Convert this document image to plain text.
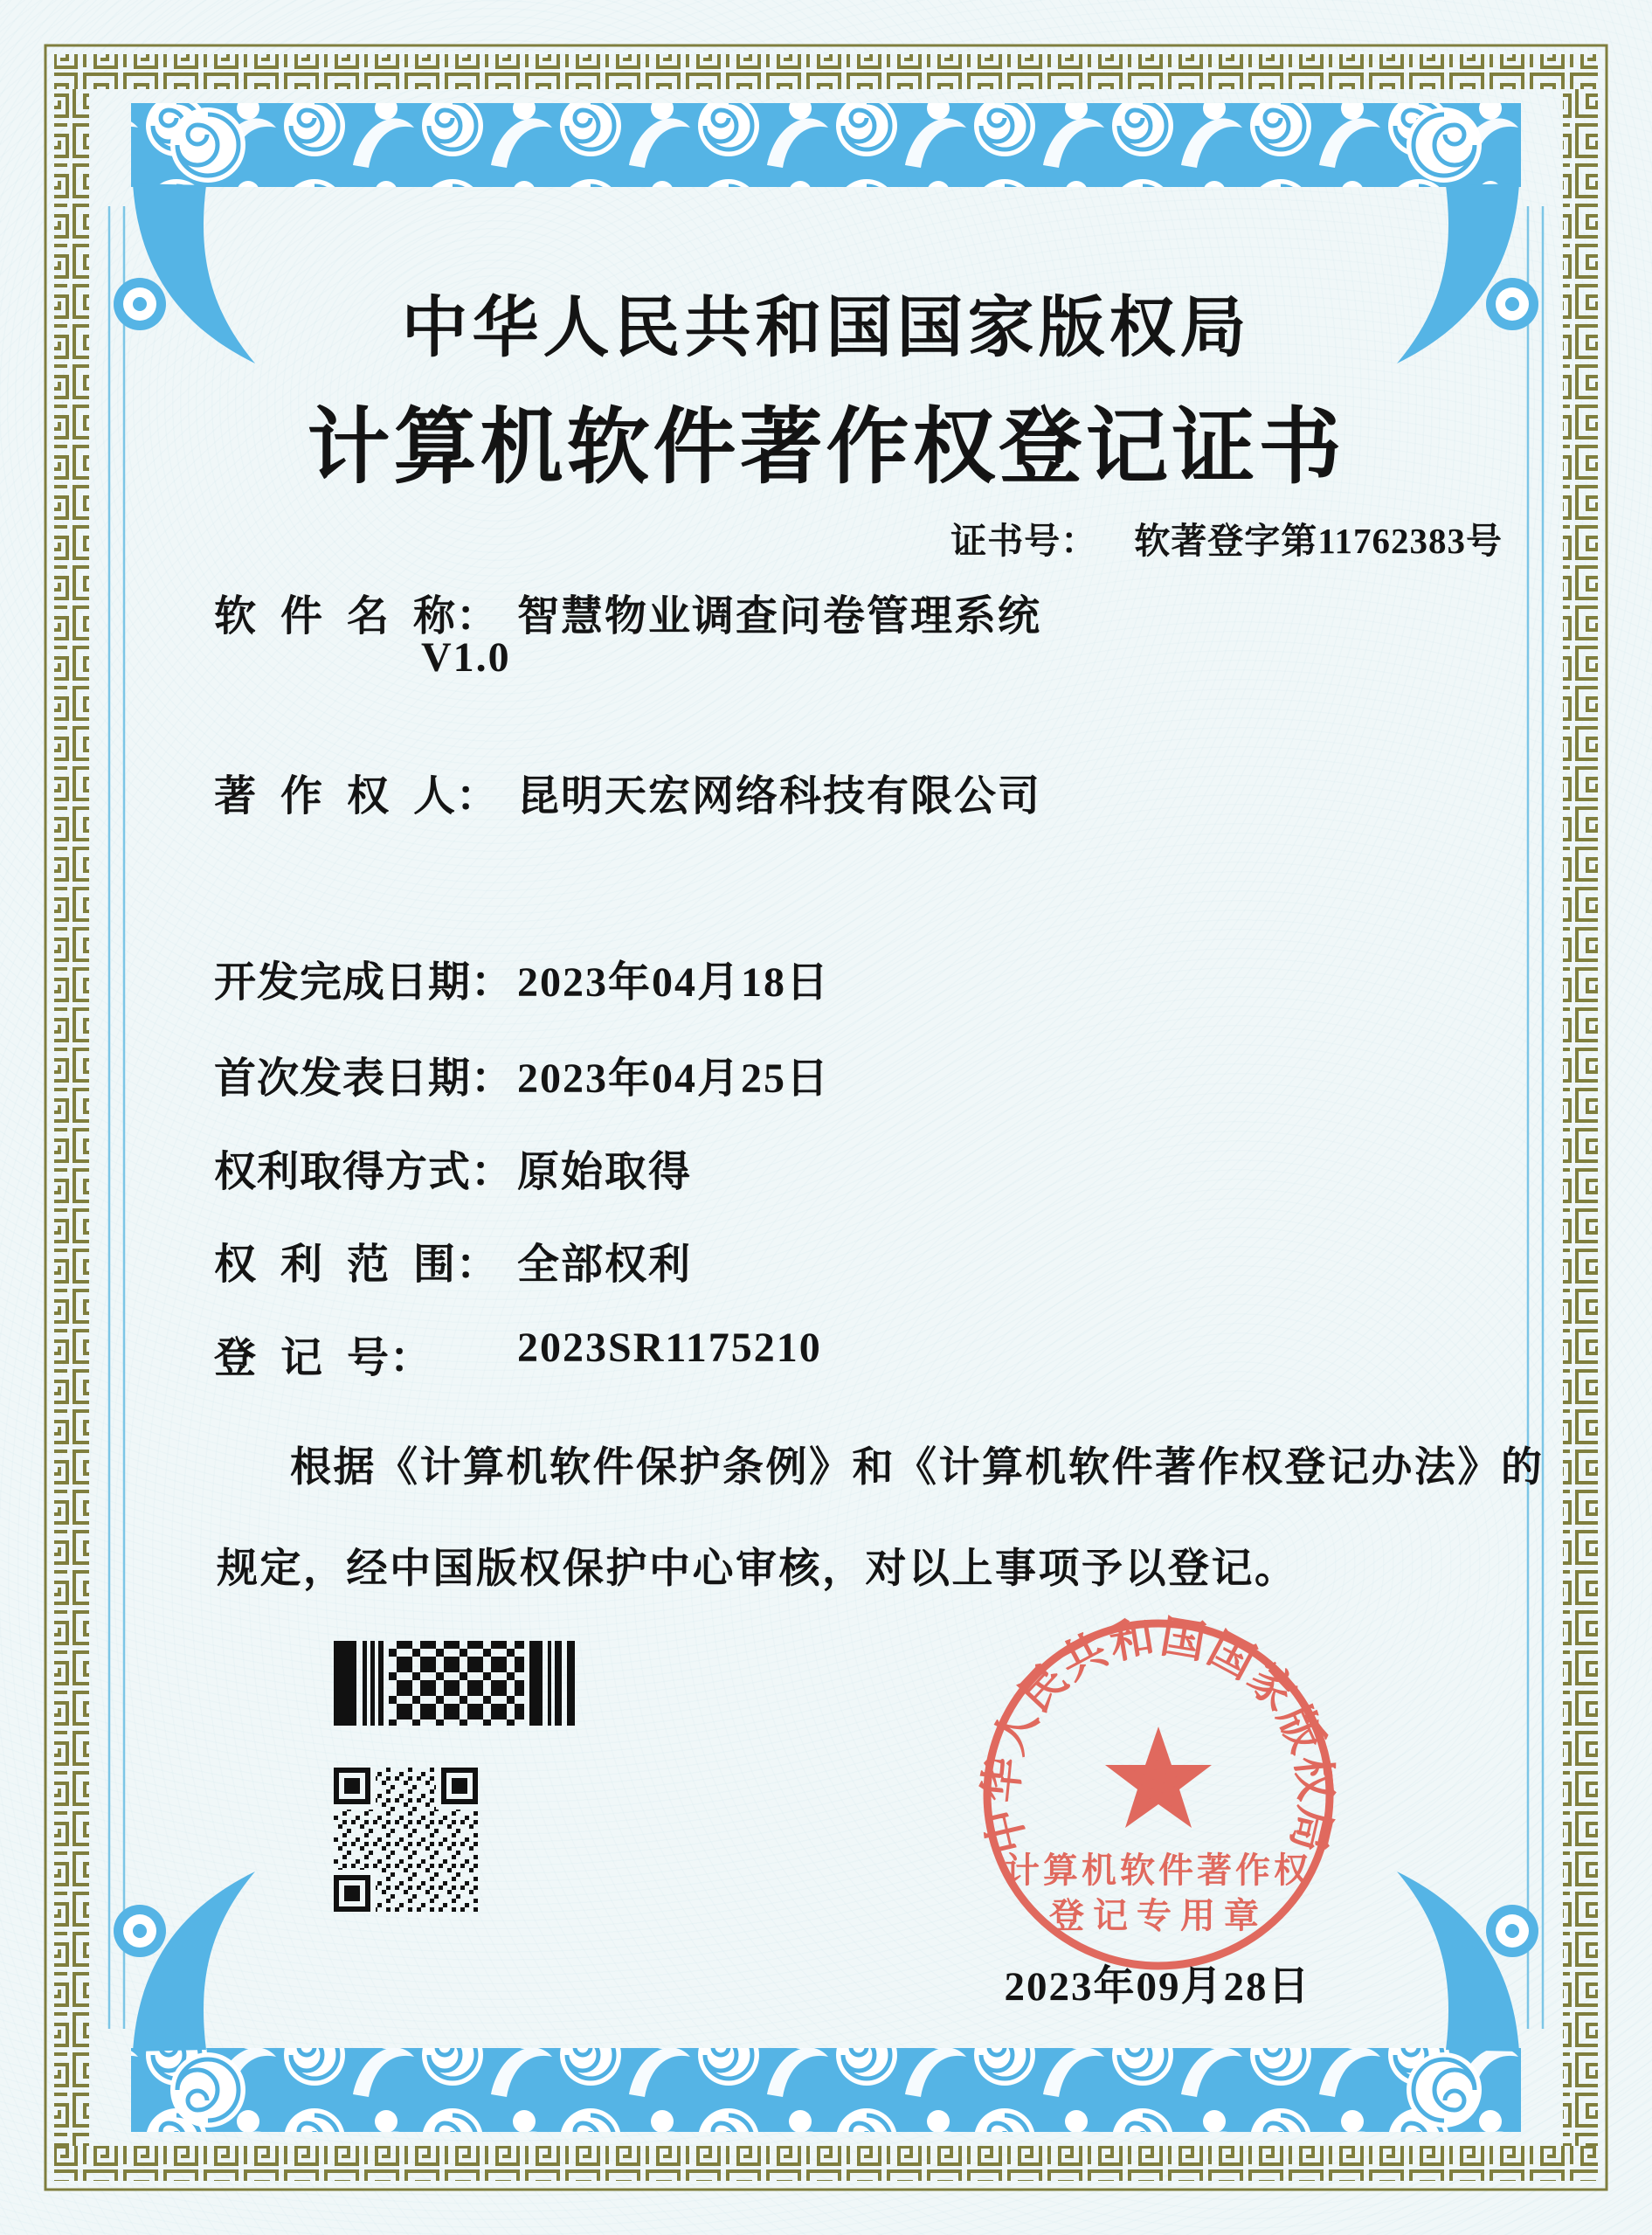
中华人民共和国国家版权局
计算机软件著作权登记证书
证书号： 软著登字第11762383号
软 件 名 称： 智慧物业调查问卷管理系统
V1.0
著 作 权 人： 昆明天宏网络科技有限公司
开发完成日期： 2023年04月18日
首次发表日期： 2023年04月25日
权利取得方式： 原始取得
权 利 范 围： 全部权利
登 记 号： 2023SR1175210
根据《计算机软件保护条例》和《计算机软件著作权登记办法》的
规定，经中国版权保护中心审核，对以上事项予以登记。
中华人民共和国国家版权局
计算机软件著作权
登记专用章
2023年09月28日
